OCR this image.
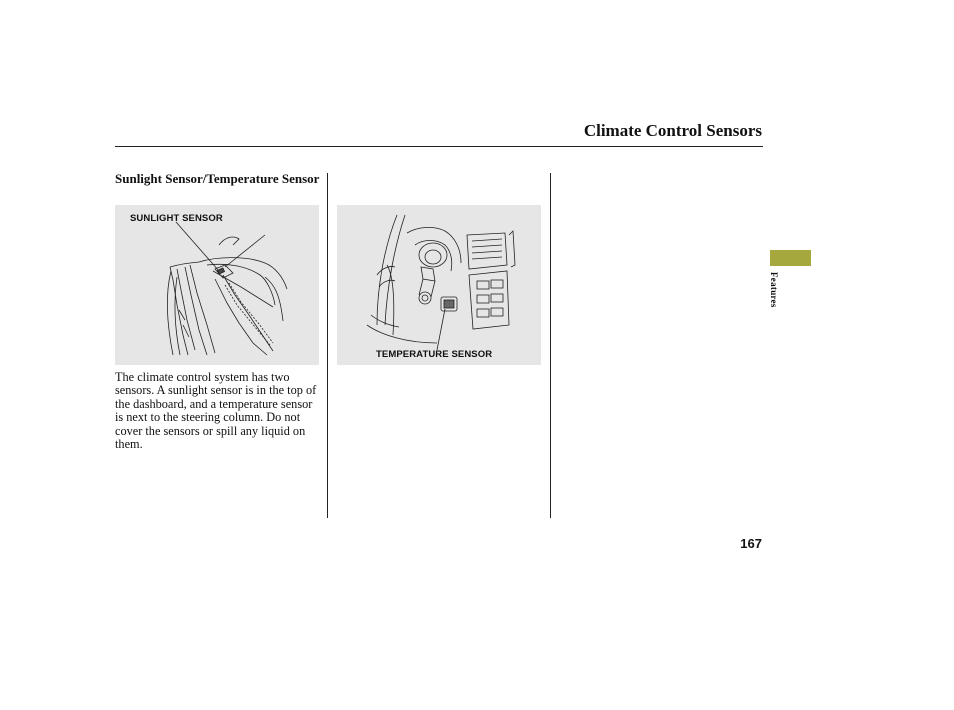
Climate Control Sensors
Sunlight Sensor/Temperature Sensor
SUNLIGHT SENSOR
TEMPERATURE SENSOR

The climate control system has two sensors. A sunlight sensor is in the top of the dashboard, and a temperature sensor is next to the steering column. Do not cover the sensors or spill any liquid on them.

Features
167
